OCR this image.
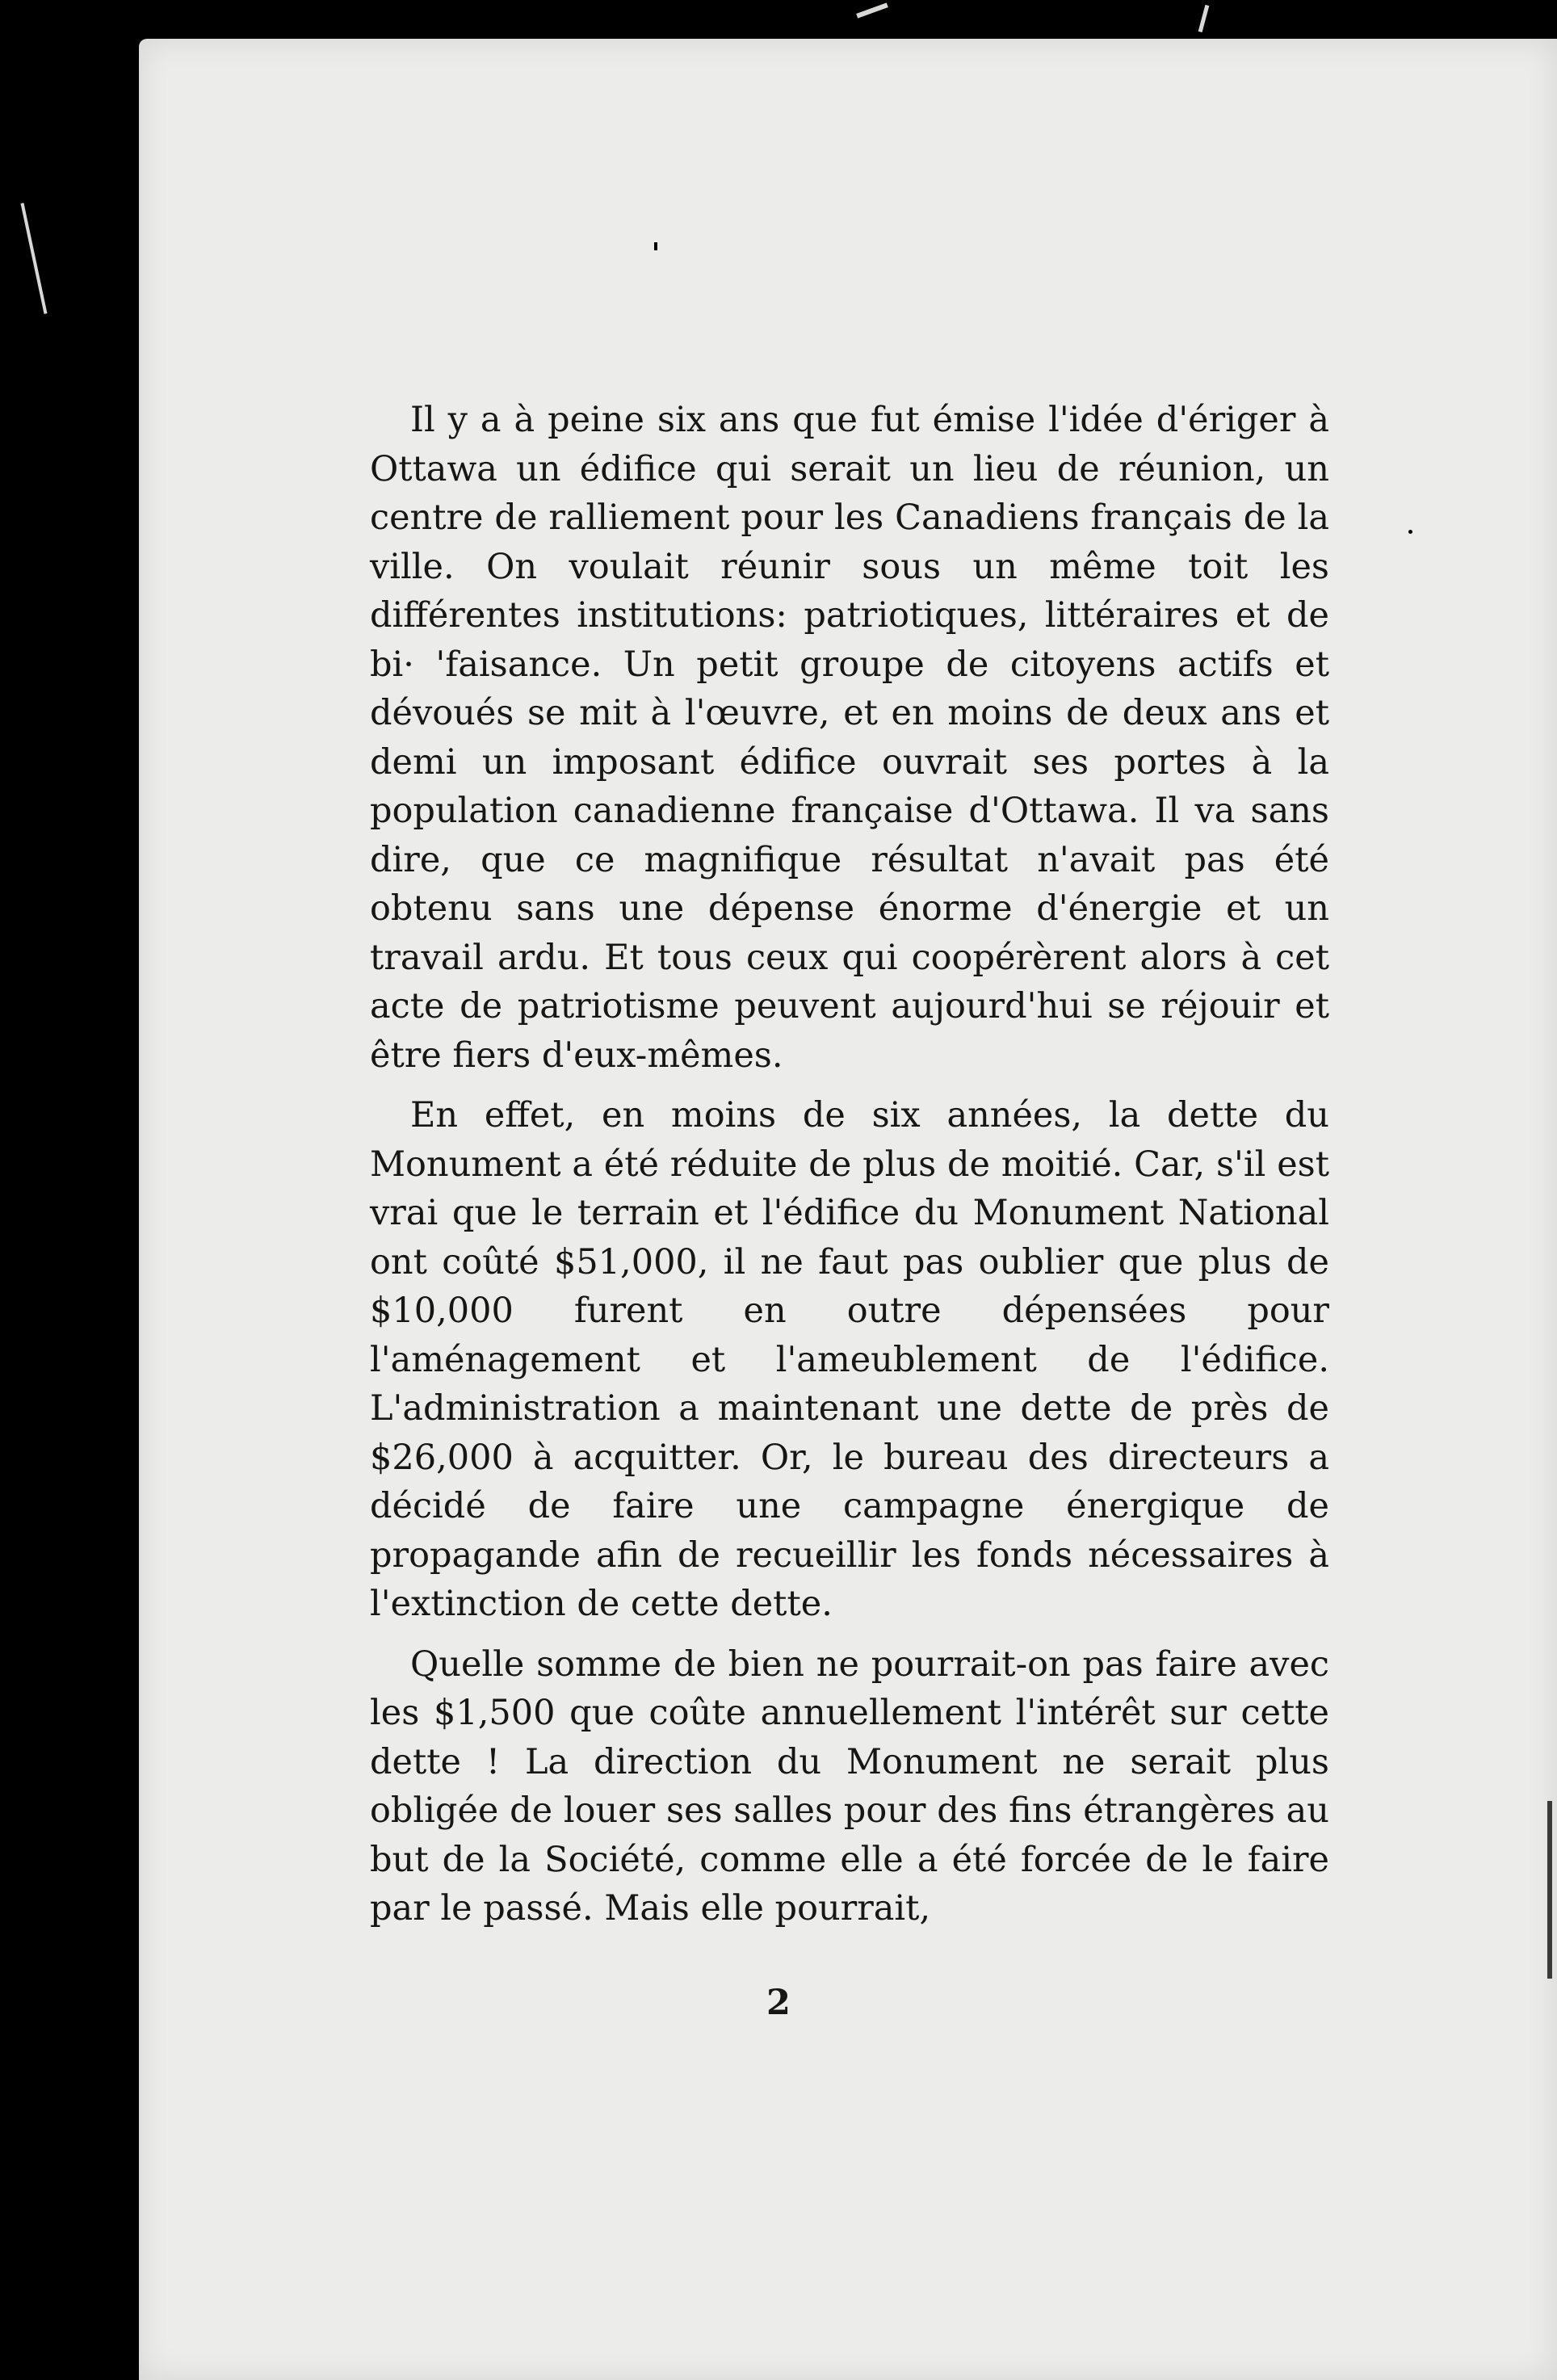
Il y a à peine six ans que fut émise l'idée d'ériger à Ottawa un édifice qui serait un lieu de réunion, un centre de ralliement pour les Canadiens français de la ville. On voulait réunir sous un même toit les différentes institutions: patriotiques, littéraires et de bi· 'faisance. Un petit groupe de citoyens actifs et dévoués se mit à l'œuvre, et en moins de deux ans et demi un imposant édifice ouvrait ses portes à la population canadienne française d'Ottawa. Il va sans dire, que ce magnifique résultat n'avait pas été obtenu sans une dépense énorme d'énergie et un travail ardu. Et tous ceux qui coopérèrent alors à cet acte de patriotisme peuvent aujourd'hui se réjouir et être fiers d'eux-mêmes.

En effet, en moins de six années, la dette du Monument a été réduite de plus de moitié. Car, s'il est vrai que le terrain et l'édifice du Monument National ont coûté $51,000, il ne faut pas oublier que plus de $10,000 furent en outre dépensées pour l'aménagement et l'ameublement de l'édifice. L'administration a maintenant une dette de près de $26,000 à acquitter. Or, le bureau des directeurs a décidé de faire une campagne énergique de propagande afin de recueillir les fonds nécessaires à l'extinction de cette dette.

Quelle somme de bien ne pourrait-on pas faire avec les $1,500 que coûte annuellement l'intérêt sur cette dette ! La direction du Monument ne serait plus obligée de louer ses salles pour des fins étrangères au but de la Société, comme elle a été forcée de le faire par le passé. Mais elle pourrait,

2
